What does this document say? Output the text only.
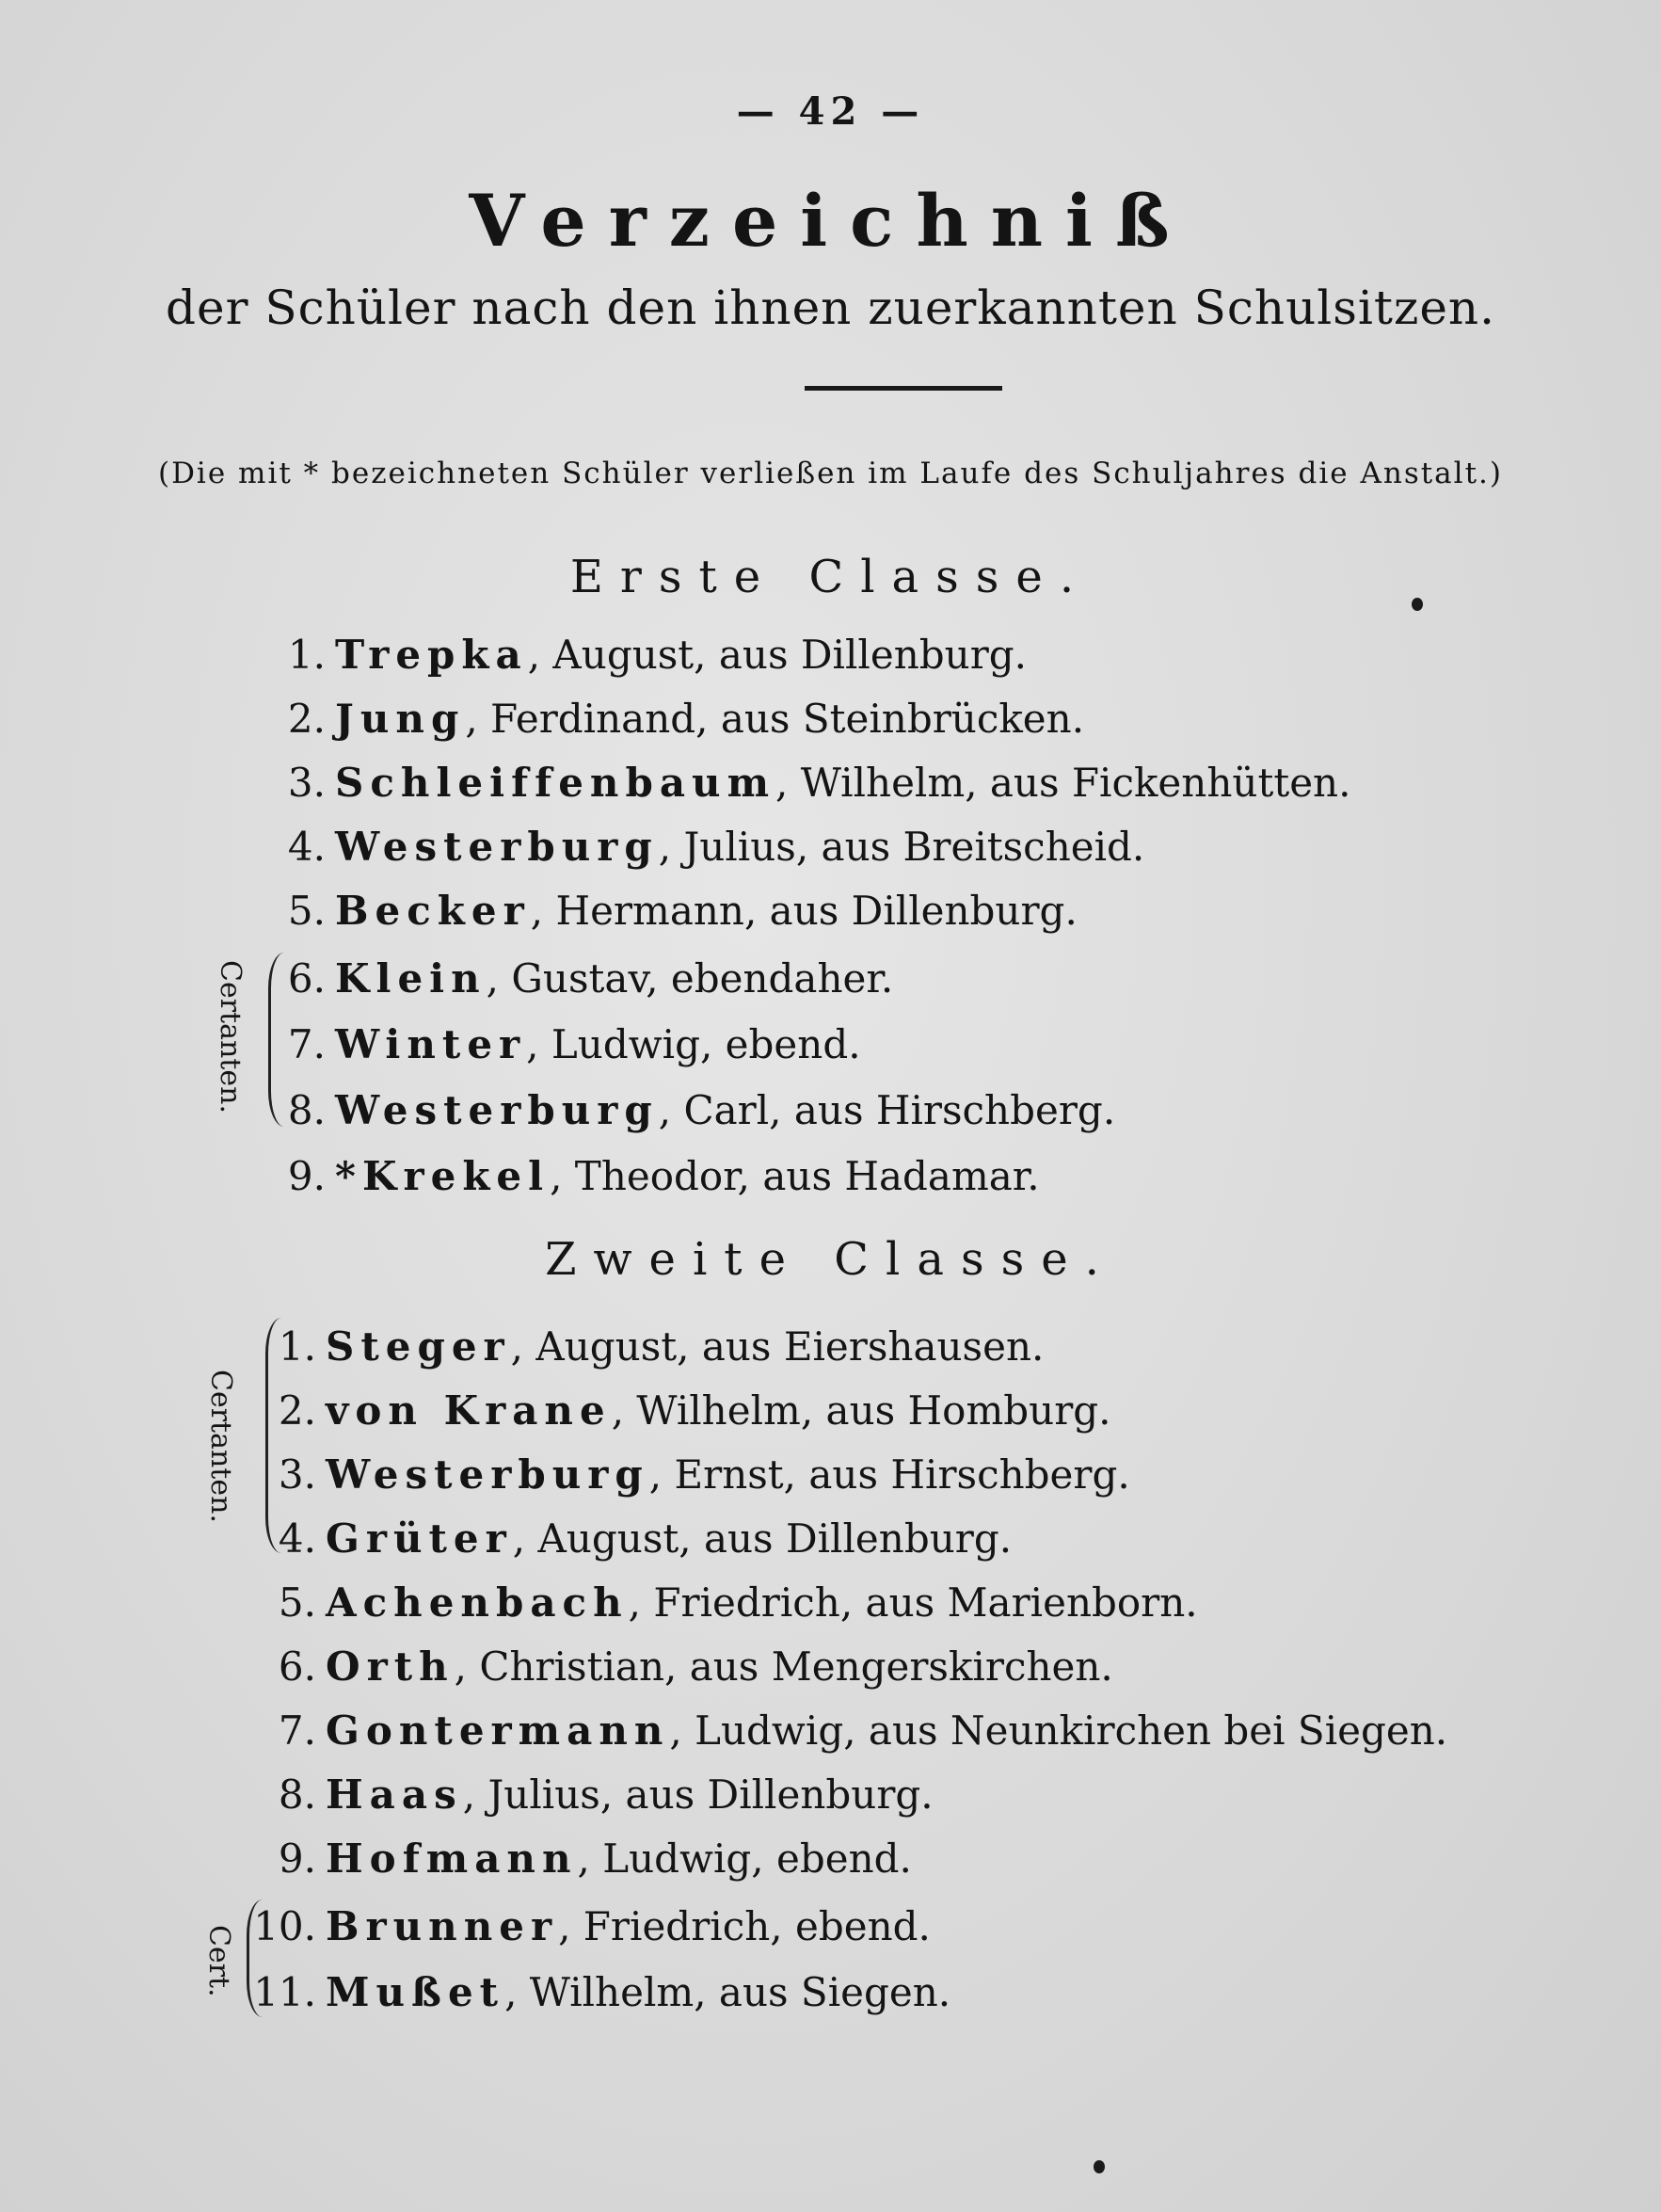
— 42 —
Verzeichniß
der Schüler nach den ihnen zuerkannten Schulsitzen.
(Die mit * bezeichneten Schüler verließen im Laufe des Schuljahres die Anstalt.)
Erste Classe.
1. Trepka, August, aus Dillenburg.
2. Jung, Ferdinand, aus Steinbrücken.
3. Schleiffenbaum, Wilhelm, aus Fickenhütten.
4. Westerburg, Julius, aus Breitscheid.
5. Becker, Hermann, aus Dillenburg.
6. Klein, Gustav, ebendaher.
7. Winter, Ludwig, ebend.
8. Westerburg, Carl, aus Hirschberg.
9. *Krekel, Theodor, aus Hadamar.
Certanten.
Zweite Classe.
1. Steger, August, aus Eiershausen.
2. von Krane, Wilhelm, aus Homburg.
3. Westerburg, Ernst, aus Hirschberg.
4. Grüter, August, aus Dillenburg.
5. Achenbach, Friedrich, aus Marienborn.
6. Orth, Christian, aus Mengerskirchen.
7. Gontermann, Ludwig, aus Neunkirchen bei Siegen.
8. Haas, Julius, aus Dillenburg.
9. Hofmann, Ludwig, ebend.
10. Brunner, Friedrich, ebend.
11. Mußet, Wilhelm, aus Siegen.
Certanten.
Cert.
